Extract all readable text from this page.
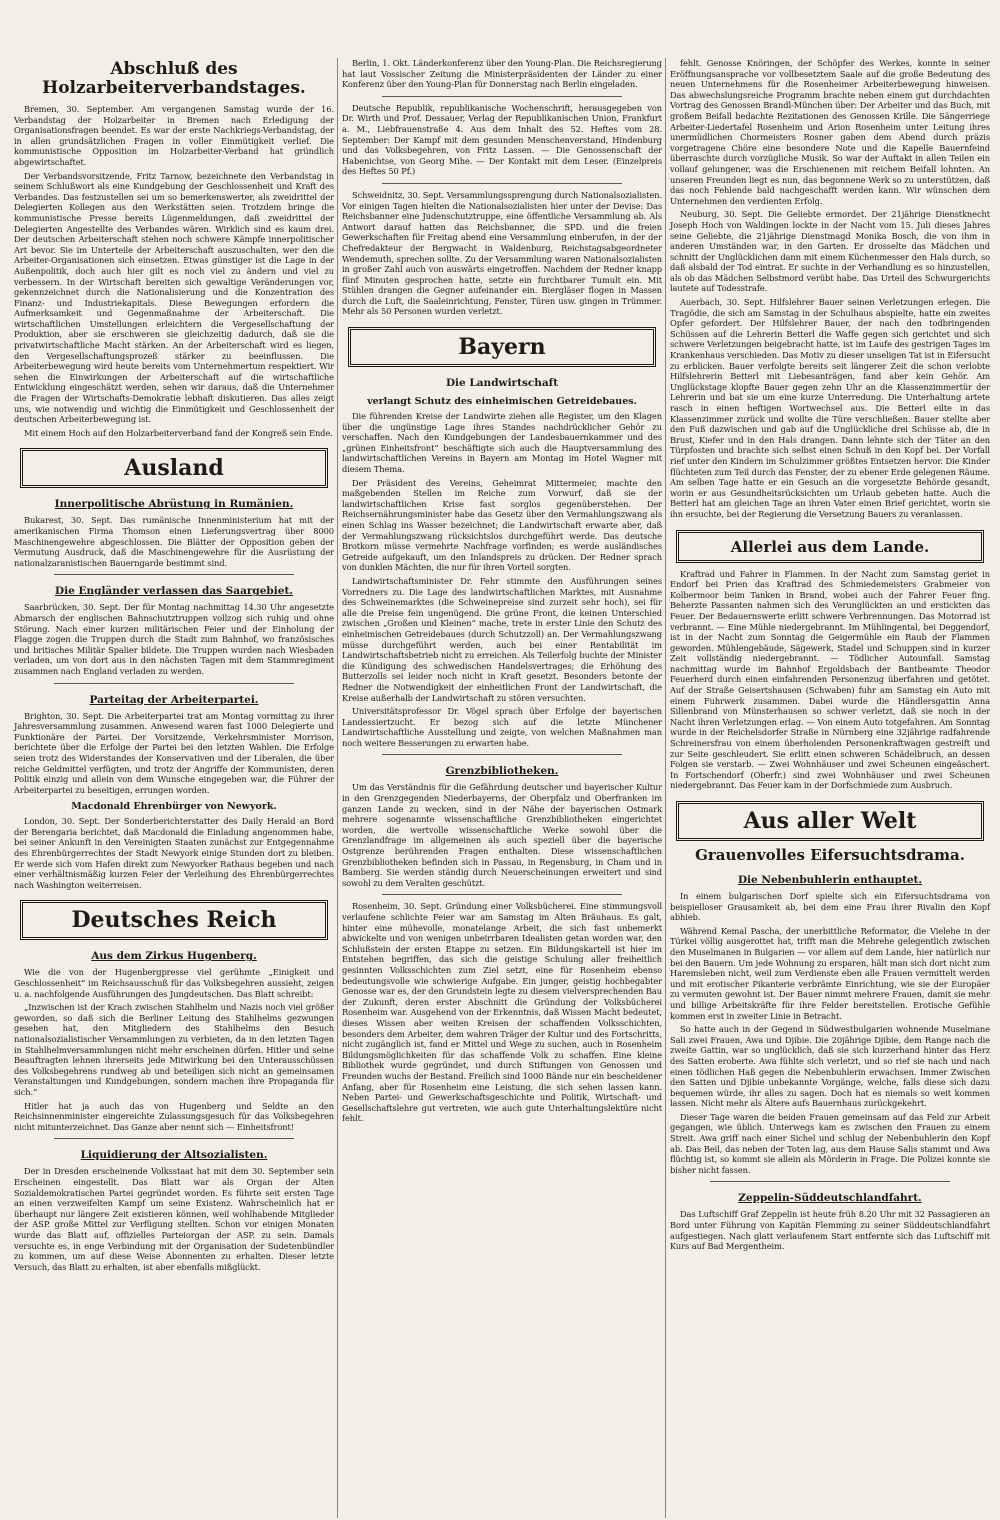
Abschluß des Holzarbeiterverbandstages.

Bremen, 30. September. Am vergangenen Samstag wurde der 16. Verbandstag der Holzarbeiter in Bremen nach Erledigung der Organisationsfragen beendet. Es war der erste Nachkriegs-Verbandstag, der in allen grundsätzlichen Fragen in voller Einmütigkeit verlief. Die kommunistische Opposition im Holzarbeiter-Verband hat gründlich abgewirtschaftet.

Der Verbandsvorsitzende, Fritz Tarnow, bezeichnete den Verbandstag in seinem Schlußwort als eine Kundgebung der Geschlossenheit und Kraft des Verbandes. Das festzustellen sei um so bemerkenswerter, als zweidrittel der Delegierten Kollegen aus den Werkstätten seien. Trotzdem bringe die kommunistische Presse bereits Lügenmeldungen, daß zweidrittel der Delegierten Angestellte des Verbandes wären. Wirklich sind es kaum drei. Der deutschen Arbeiterschaft stehen noch schwere Kämpfe innerpolitischer Art bevor. Sie im Unterteile der Arbeiterschaft auszuschalten, wer den die Arbeiter-Organisationen sich einsetzen. Etwas günstiger ist die Lage in der Außenpolitik, doch auch hier gilt es noch viel zu ändern und viel zu verbessern. In der Wirtschaft bereiten sich gewaltige Veränderungen vor, gekennzeichnet durch die Nationalisierung und die Konzentration des Finanz- und Industriekapitals. Diese Bewegungen erfordern die Aufmerksamkeit und Gegenmaßnahme der Arbeiterschaft. Die wirtschaftlichen Umstellungen erleichtern die Vergesellschaftung der Produktion, aber sie erschweren sie gleichzeitig dadurch, daß sie die privatwirtschaftliche Macht stärken. An der Arbeiterschaft wird es liegen, den Vergesellschaftungsprozeß stärker zu beeinflussen. Die Arbeiterbewegung wird heute bereits vom Unternehmertum respektiert. Wir sehen die Einwirkungen der Arbeiterschaft auf die wirtschaftliche Entwicklung eingeschätzt werden, sehen wir daraus, daß die Unternehmer die Fragen der Wirtschafts-Demokratie lebhaft diskutieren. Das alles zeigt uns, wie notwendig und wichtig die Einmütigkeit und Geschlossenheit der deutschen Arbeiterbewegung ist.

Mit einem Hoch auf den Holzarbeiterverband fand der Kongreß sein Ende.

Ausland
Innerpolitische Abrüstung in Rumänien.

Bukarest, 30. Sept. Das rumänische Innenministerium hat mit der amerikanischen Firma Thomson einen Lieferungsvertrag über 8000 Maschinengewehre abgeschlossen. Die Blätter der Opposition geben der Vermutung Ausdruck, daß die Maschinengewehre für die Ausrüstung der nationalzaranistischen Bauerngarde bestimmt sind.

Die Engländer verlassen das Saargebiet.

Saarbrücken, 30. Sept. Der für Montag nachmittag 14.30 Uhr angesetzte Abmarsch der englischen Bahnschutztruppen vollzog sich ruhig und ohne Störung. Nach einer kurzen militärischen Feier und der Einholung der Flagge zogen die Truppen durch die Stadt zum Bahnhof, wo französisches und britisches Militär Spalier bildete. Die Truppen wurden nach Wiesbaden verladen, um von dort aus in den nächsten Tagen mit dem Stammregiment zusammen nach England verladen zu werden.

Parteitag der Arbeiterpartei.

Brighton, 30. Sept. Die Arbeiterpartei trat am Montag vormittag zu ihrer Jahresversammlung zusammen. Anwesend waren fast 1000 Delegierte und Funktionäre der Partei. Der Vorsitzende, Verkehrsminister Morrison, berichtete über die Erfolge der Partei bei den letzten Wahlen. Die Erfolge seien trotz des Widerstandes der Konservativen und der Liberalen, die über reiche Geldmittel verfügten, und trotz der Angriffe der Kommunisten, deren Politik einzig und allein von dem Wunsche eingegeben war, die Führer der Arbeiterpartei zu beseitigen, errungen worden.

Macdonald Ehrenbürger von Newyork.

London, 30. Sept. Der Sonderberichterstatter des Daily Herald an Bord der Berengaria berichtet, daß Macdonald die Einladung angenommen habe, bei seiner Ankunft in den Vereinigten Staaten zunächst zur Entgegennahme des Ehrenbürgerrechtes der Stadt Newyork einige Stunden dort zu bleiben. Er werde sich vom Hafen direkt zum Newyorker Rathaus begeben und nach einer verhältnismäßig kurzen Feier der Verleihung des Ehrenbürgerrechtes nach Washington weiterreisen.

Deutsches Reich
Aus dem Zirkus Hugenberg.

Wie die von der Hugenbergpresse viel gerühmte „Einigkeit und Geschlossenheit“ im Reichsausschuß für das Volksbegehren aussieht, zeigen u. a. nachfolgende Ausführungen des Jungdeutschen. Das Blatt schreibt:

„Inzwischen ist der Krach zwischen Stahlhelm und Nazis noch viel größer geworden, so daß sich die Berliner Leitung des Stahlhelms gezwungen gesehen hat, den Mitgliedern des Stahlhelms den Besuch nationalsozialistischer Versammlungen zu verbieten, da in den letzten Tagen in Stahlhelmversammlungen nicht mehr erscheinen dürfen. Hitler und seine Beauftragten lehnen ihrerseits jede Mitwirkung bei den Unterausschüssen des Volksbegehrens rundweg ab und beteiligen sich nicht an gemeinsamen Veranstaltungen und Kundgebungen, sondern machen ihre Propaganda für sich.“

Hitler hat ja auch das von Hugenberg und Seldte an den Reichsinnenminister eingereichte Zulassungsgesuch für das Volksbegehren nicht mitunterzeichnet. Das Ganze aber nennt sich — Einheitsfront!

Liquidierung der Altsozialisten.

Der in Dresden erscheinende Volksstaat hat mit dem 30. September sein Erscheinen eingestellt. Das Blatt war als Organ der Alten Sozialdemokratischen Partei gegründet worden. Es führte seit ersten Tage an einen verzweifelten Kampf um seine Existenz. Wahrscheinlich hat er überhaupt nur längere Zeit existieren können, weil wohlhabende Mitglieder der ASP. große Mittel zur Verfügung stellten. Schon vor einigen Monaten wurde das Blatt auf, offizielles Parteiorgan der ASP. zu sein. Damals versuchte es, in enge Verbindung mit der Organisation der Sudetenbündler zu kommen, um auf diese Weise Abonnenten zu erhalten. Dieser letzte Versuch, das Blatt zu erhalten, ist aber ebenfalls mißglückt.

Berlin, 1. Okt. Länderkonferenz über den Young-Plan. Die Reichsregierung hat laut Vossischer Zeitung die Ministerpräsidenten der Länder zu einer Konferenz über den Young-Plan für Donnerstag nach Berlin eingeladen.

Deutsche Republik, republikanische Wochenschrift, herausgegeben von Dr. Wirth und Prof. Dessauer, Verlag der Republikanischen Union, Frankfurt a. M., Liebfrauenstraße 4. Aus dem Inhalt des 52. Heftes vom 28. September: Der Kampf mit dem gesunden Menschenverstand, Hindenburg und das Volksbegehren, von Fritz Lassen. — Die Genossenschaft der Habenichtse, von Georg Mihe. — Der Kontakt mit dem Leser. (Einzelpreis des Heftes 50 Pf.)

Schweidnitz, 30. Sept. Versammlungssprengung durch Nationalsozialisten. Vor einigen Tagen hielten die Nationalsozialisten hier unter der Devise: Das Reichsbanner eine Judenschutztruppe, eine öffentliche Versammlung ab. Als Antwort darauf hatten das Reichsbanner, die SPD. und die freien Gewerkschaften für Freitag abend eine Versammlung einberufen, in der der Chefredakteur der Bergwacht in Waldenburg, Reichstagsabgeordneter Wendemuth, sprechen sollte. Zu der Versammlung waren Nationalsozialisten in großer Zahl auch von auswärts eingetroffen. Nachdem der Redner knapp fünf Minuten gesprochen hatte, setzte ein furchtbarer Tumult ein. Mit Stühlen drangen die Gegner aufeinander ein. Biergläser flogen in Massen durch die Luft, die Saaleinrichtung, Fenster, Türen usw. gingen in Trümmer. Mehr als 50 Personen wurden verletzt.

Bayern
Die Landwirtschaft
verlangt Schutz des einheimischen Getreidebaues.

Die führenden Kreise der Landwirte ziehen alle Register, um den Klagen über die ungünstige Lage ihres Standes nachdrücklicher Gehör zu verschaffen. Nach den Kundgebungen der Landesbauernkammer und des „grünen Einheitsfront“ beschäftigte sich auch die Hauptversammlung des landwirtschaftlichen Vereins in Bayern am Montag im Hotel Wagner mit diesem Thema.

Der Präsident des Vereins, Geheimrat Mittermeier, machte den maßgebenden Stellen im Reiche zum Vorwurf, daß sie der landwirtschaftlichen Krise fast sorglos gegenüberstehen. Der Reichsernährungsminister habe das Gesetz über den Vermahlungszwang als einen Schlag ins Wasser bezeichnet; die Landwirtschaft erwarte aber, daß der Vermahlungszwang rücksichtslos durchgeführt werde. Das deutsche Brotkorn müsse vermehrte Nachfrage vorfinden; es werde ausländisches Getreide aufgekauft, um den Inlandspreis zu drücken. Der Redner sprach von dunklen Mächten, die nur für ihren Vorteil sorgten.

Landwirtschaftsminister Dr. Fehr stimmte den Ausführungen seines Vorredners zu. Die Lage des landwirtschaftlichen Marktes, mit Ausnahme des Schweinemarktes (die Schweinepreise sind zurzeit sehr hoch), sei für alle die Preise fein ungenügend. Die grüne Front, die keinen Unterschied zwischen „Großen und Kleinen“ mache, trete in erster Linie den Schutz des einheimischen Getreidebaues (durch Schutzzoll) an. Der Vermahlungszwang müsse durchgeführt werden, auch bei einer Rentabilität im Landwirtschaftsbetrieb nicht zu erreichen. Als Teilerfolg buchte der Minister die Kündigung des schwedischen Handelsvertrages; die Erhöhung des Butterzolls sei leider noch nicht in Kraft gesetzt. Besonders betonte der Redner die Notwendigkeit der einheitlichen Front der Landwirtschaft, die Kreise außerhalb der Landwirtschaft zu stören versuchten.

Universitätsprofessor Dr. Vögel sprach über Erfolge der bayerischen Landessiertzucht. Er bezog sich auf die letzte Münchener Landwirtschaftliche Ausstellung und zeigte, von welchen Maßnahmen man noch weitere Besserungen zu erwarten habe.

Grenzbibliotheken.

Um das Verständnis für die Gefährdung deutscher und bayerischer Kultur in den Grenzgegenden Niederbayerns, der Oberpfalz und Oberfranken im ganzen Lande zu wecken, sind in der Nähe der bayerischen Ostmark mehrere sogenannte wissenschaftliche Grenzbibliotheken eingerichtet worden, die wertvolle wissenschaftliche Werke sowohl über die Grenzlandfrage im allgemeinen als auch speziell über die bayerische Ostgrenze berührenden Fragen enthalten. Diese wissenschaftlichen Grenzbibliotheken befinden sich in Passau, in Regensburg, in Cham und in Bamberg. Sie werden ständig durch Neuerscheinungen erweitert und sind sowohl zu dem Veralten geschützt.

Rosenheim, 30. Sept. Gründung einer Volksbücherei. Eine stimmungsvoll verlaufene schlichte Feier war am Samstag im Alten Bräuhaus. Es galt, hinter eine mühevolle, monatelange Arbeit, die sich fast unbemerkt abwickelte und von wenigen unbeirrbaren Idealisten getan worden war, den Schlußstein der ersten Etappe zu setzen. Ein Bildungskartell ist hier im Entstehen begriffen, das sich die geistige Schulung aller freiheitlich gesinnten Volksschichten zum Ziel setzt, eine für Rosenheim ebenso bedeutungsvolle wie schwierige Aufgabe. Ein junger, geistig hochbegabter Genosse war es, der den Grundstein legte zu diesem vielversprechenden Bau der Zukunft, deren erster Abschnitt die Gründung der Volksbücherei Rosenheim war. Ausgehend von der Erkenntnis, daß Wissen Macht bedeutet, dieses Wissen aber weiten Kreisen der schaffenden Volksschichten, besonders dem Arbeiter, dem wahren Träger der Kultur und des Fortschritts, nicht zugänglich ist, fand er Mittel und Wege zu suchen, auch in Rosenheim Bildungsmöglichkeiten für das schaffende Volk zu schaffen. Eine kleine Bibliothek wurde gegründet, und durch Stiftungen von Genossen und Freunden wuchs der Bestand. Freilich sind 1000 Bände nur ein bescheidener Anfang, aber für Rosenheim eine Leistung, die sich sehen lassen kann. Neben Partei- und Gewerkschaftsgeschichte und Politik, Wirtschaft- und Gesellschaftslehre gut vertreten, wie auch gute Unterhaltungslektüre nicht fehlt.

fehlt. Genosse Knöringen, der Schöpfer des Werkes, konnte in seiner Eröffnungsansprache vor vollbesetztem Saale auf die große Bedeutung des neuen Unternehmens für die Rosenheimer Arbeiterbewegung hinweisen. Das abwechslungsreiche Programm brachte neben einem gut durchdachten Vortrag des Genossen Brandl-München über: Der Arbeiter und das Buch, mit großem Beifall bedachte Rezitationen des Genossen Krille. Die Sängerriege Arbeiter-Liedertafel Rosenheim und Arion Rosenheim unter Leitung ihres unermüdlichen Chormeisters Rosner gaben dem Abend durch präzis vorgetragene Chöre eine besondere Note und die Kapelle Bauernfeind überraschte durch vorzügliche Musik. So war der Auftakt in allen Teilen ein vollauf gelungener, was die Erschienenen mit reichem Beifall lohnten. An unseren Freunden liegt es nun, das begonnene Werk so zu unterstützen, daß das noch Fehlende bald nachgeschafft werden kann. Wir wünschen dem Unternehmen den verdienten Erfolg.

Neuburg, 30. Sept. Die Geliebte ermordet. Der 21jährige Dienstknecht Joseph Hoch von Waldingen lockte in der Nacht vom 15. Juli dieses Jahres seine Geliebte, die 21jährige Dienstmagd Monika Bosch, die von ihm in anderen Umständen war, in den Garten. Er drosselte das Mädchen und schnitt der Unglücklichen dann mit einem Küchenmesser den Hals durch, so daß alsbald der Tod eintrat. Er suchte in der Verhandlung es so hinzustellen, als ob das Mädchen Selbstmord verübt habe. Das Urteil des Schwurgerichts lautete auf Todesstrafe.

Auerbach, 30. Sept. Hilfslehrer Bauer seinen Verletzungen erlegen. Die Tragödie, die sich am Samstag in der Schulhaus abspielte, hatte ein zweites Opfer gefordert. Der Hilfslehrer Bauer, der nach den todbringenden Schüssen auf die Lehrerin Betterl die Waffe gegen sich gerichtet und sich schwere Verletzungen beigebracht hatte, ist im Laufe des gestrigen Tages im Krankenhaus verschieden. Das Motiv zu dieser unseligen Tat ist in Eifersucht zu erblicken. Bauer verfolgte bereits seit längerer Zeit die schon verlobte Hilfslehrerin Betterl mit Liebesanträgen, fand aber kein Gehör. Am Unglückstage klopfte Bauer gegen zehn Uhr an die Klassenzimmertür der Lehrerin und bat sie um eine kurze Unterredung. Die Unterhaltung artete rasch in einen heftigen Wortwechsel aus. Die Betterl eilte in das Klassenzimmer zurück und wollte die Türe verschließen. Bauer stellte aber den Fuß dazwischen und gab auf die Unglückliche drei Schüsse ab, die in Brust, Kiefer und in den Hals drangen. Dann lehnte sich der Täter an den Türpfosten und brachte sich selbst einen Schuß in den Kopf bei. Der Vorfall rief unter den Kindern im Schulzimmer größtes Entsetzen hervor. Die Kinder flüchteten zum Teil durch das Fenster, der zu ebener Erde gelegenen Räume. Am selben Tage hatte er ein Gesuch an die vorgesetzte Behörde gesandt, worin er aus Gesundheitsrücksichten um Urlaub gebeten hatte. Auch die Betterl hat am gleichen Tage an ihren Vater einen Brief gerichtet, worin sie ihn ersuchte, bei der Regierung die Versetzung Bauers zu veranlassen.

Allerlei aus dem Lande.

Kraftrad und Fahrer in Flammen. In der Nacht zum Samstag geriet in Endorf bei Prien das Kraftrad des Schmiedemeisters Grabmeier von Kolbermoor beim Tanken in Brand, wobei auch der Fahrer Feuer fing. Beherzte Passanten nahmen sich des Verunglückten an und erstickten das Feuer. Der Bedauernswerte erlitt schwere Verbrennungen. Das Motorrad ist verbrannt. — Eine Mühle niedergebrannt. Im Mühlingental, bei Deggendorf, ist in der Nacht zum Sonntag die Geigermühle ein Raub der Flammen geworden. Mühlengebäude, Sägewerk, Stadel und Schuppen sind in kurzer Zeit vollständig niedergebrannt. — Tödlicher Autounfall. Samstag nachmittag wurde im Bahnhof Ergoldsbach der Bantbeamte Theodor Feuerherd durch einen einfahrenden Personenzug überfahren und getötet. Auf der Straße Geisertshausen (Schwaben) fuhr am Samstag ein Auto mit einem Fuhrwerk zusammen. Dabei wurde die Händlersgattin Anna Sillenbrand von Münsterhausen so schwer verletzt, daß sie noch in der Nacht ihren Verletzungen erlag. — Von einem Auto totgefahren. Am Sonntag wurde in der Reichelsdorfer Straße in Nürnberg eine 32jährige radfahrende Schreinersfrau von einem überholenden Personenkraftwagen gestreift und zur Seite geschleudert. Sie erlitt einen schweren Schädelbruch, an dessen Folgen sie verstarb. — Zwei Wohnhäuser und zwei Scheunen eingeäschert. In Fortschendorf (Oberfr.) sind zwei Wohnhäuser und zwei Scheunen niedergebrannt. Das Feuer kam in der Dorfschmiede zum Ausbruch.

Aus aller Welt
Grauenvolles Eifersuchtsdrama.
Die Nebenbuhlerin enthauptet.

In einem bulgarischen Dorf spielte sich ein Eifersuchtsdrama von beispielloser Grausamkeit ab, bei dem eine Frau ihrer Rivalin den Kopf abhieb.

Während Kemal Pascha, der unerbittliche Reformator, die Vielehe in der Türkei völlig ausgerottet hat, trifft man die Mehrehe gelegentlich zwischen den Muselmanen in Bulgarien — vor allem auf dem Lande, hier natürlich nur bei den Bauern. Um jede Wohnung zu ersparen, hält man sich dort nicht zum Haremsleben nicht, weil zum Verdienste eben alle Frauen vermittelt werden und mit erotischer Pikanterie verbrämte Einrichtung, wie sie der Europäer zu vermuten gewohnt ist. Der Bauer nimmt mehrere Frauen, damit sie mehr und billige Arbeitskräfte für ihre Felder bereitstellen. Erotische Gefühle kommen erst in zweiter Linie in Betracht.

So hatte auch in der Gegend in Südwestbulgarien wohnende Muselmane Sali zwei Frauen, Awa und Djibie. Die 20jährige Djibie, dem Range nach die zweite Gattin, war so unglücklich, daß sie sich kurzerhand hinter das Herz des Satten eroberte. Awa fühlte sich verletzt, und so rief sie nach und nach einen tödlichen Haß gegen die Nebenbuhlerin erwachsen. Immer Zwischen den Satten und Djibie unbekannte Vorgänge, welche, falls diese sich dazu bequemen würde, ihr alles zu sagen. Doch hat es niemals so weit kommen lassen. Nicht mehr als Ältere aufs Bauernhaus zurückgekehrt.

Dieser Tage waren die beiden Frauen gemeinsam auf das Feld zur Arbeit gegangen, wie üblich. Unterwegs kam es zwischen den Frauen zu einem Streit. Awa griff nach einer Sichel und schlug der Nebenbuhlerin den Kopf ab. Das Beil, das neben der Toten lag, aus dem Hause Salis stammt und Awa flüchtig ist, so kommt sie allein als Mörderin in Frage. Die Polizei konnte sie bisher nicht fassen.

Zeppelin-Süddeutschlandfahrt.

Das Luftschiff Graf Zeppelin ist heute früh 8.20 Uhr mit 32 Passagieren an Bord unter Führung von Kapitän Flemming zu seiner Süddeutschlandfahrt aufgestiegen. Nach glatt verlaufenem Start entfernte sich das Luftschiff mit Kurs auf Bad Mergentheim.
